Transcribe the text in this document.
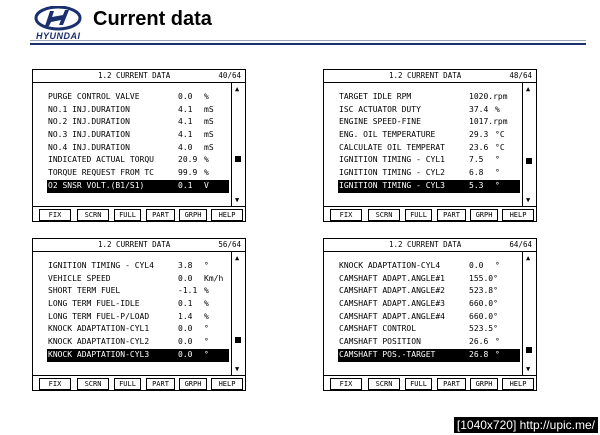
HYUNDAI
Current data
1.2 CURRENT DATA	40/64
PURGE CONTROL VALVE	0.0 %
NO.1 INJ.DURATION	4.1 mS
NO.2 INJ.DURATION	4.1 mS
NO.3 INJ.DURATION	4.1 mS
NO.4 INJ.DURATION	4.0 mS
INDICATED ACTUAL TORQU	20.9 %
TORQUE REQUEST FROM TC	99.9 %
O2 SNSR VOLT.(B1/S1)	0.1 V
▲
▼
FIX	SCRN	FULL	PART	GRPH	HELP
1.2 CURRENT DATA	48/64
TARGET IDLE RPM	1020.rpm
ISC ACTUATOR DUTY	37.4 %
ENGINE SPEED-FINE	1017.rpm
ENG. OIL TEMPERATURE	29.3 °C
CALCULATE OIL TEMPERAT	23.6 °C
IGNITION TIMING - CYL1	7.5 °
IGNITION TIMING - CYL2	6.8 °
IGNITION TIMING - CYL3	5.3 °
▲
▼
FIX	SCRN	FULL	PART	GRPH	HELP
1.2 CURRENT DATA	56/64
IGNITION TIMING - CYL4	3.8 °
VEHICLE SPEED	0.0 Km/h
SHORT TERM FUEL	-1.1 %
LONG TERM FUEL-IDLE	0.1 %
LONG TERM FUEL-P/LOAD	1.4 %
KNOCK ADAPTATION-CYL1	0.0 °
KNOCK ADAPTATION-CYL2	0.0 °
KNOCK ADAPTATION-CYL3	0.0 °
▲
▼
FIX	SCRN	FULL	PART	GRPH	HELP
1.2 CURRENT DATA	64/64
KNOCK ADAPTATION-CYL4	0.0 °
CAMSHAFT ADAPT.ANGLE#1	155.0°
CAMSHAFT ADAPT.ANGLE#2	523.8°
CAMSHAFT ADAPT.ANGLE#3	660.0°
CAMSHAFT ADAPT.ANGLE#4	660.0°
CAMSHAFT CONTROL	523.5°
CAMSHAFT POSITION	26.6 °
CAMSHAFT POS.-TARGET	26.8 °
▲
▼
FIX	SCRN	FULL	PART	GRPH	HELP
[1040x720] http://upic.me/
